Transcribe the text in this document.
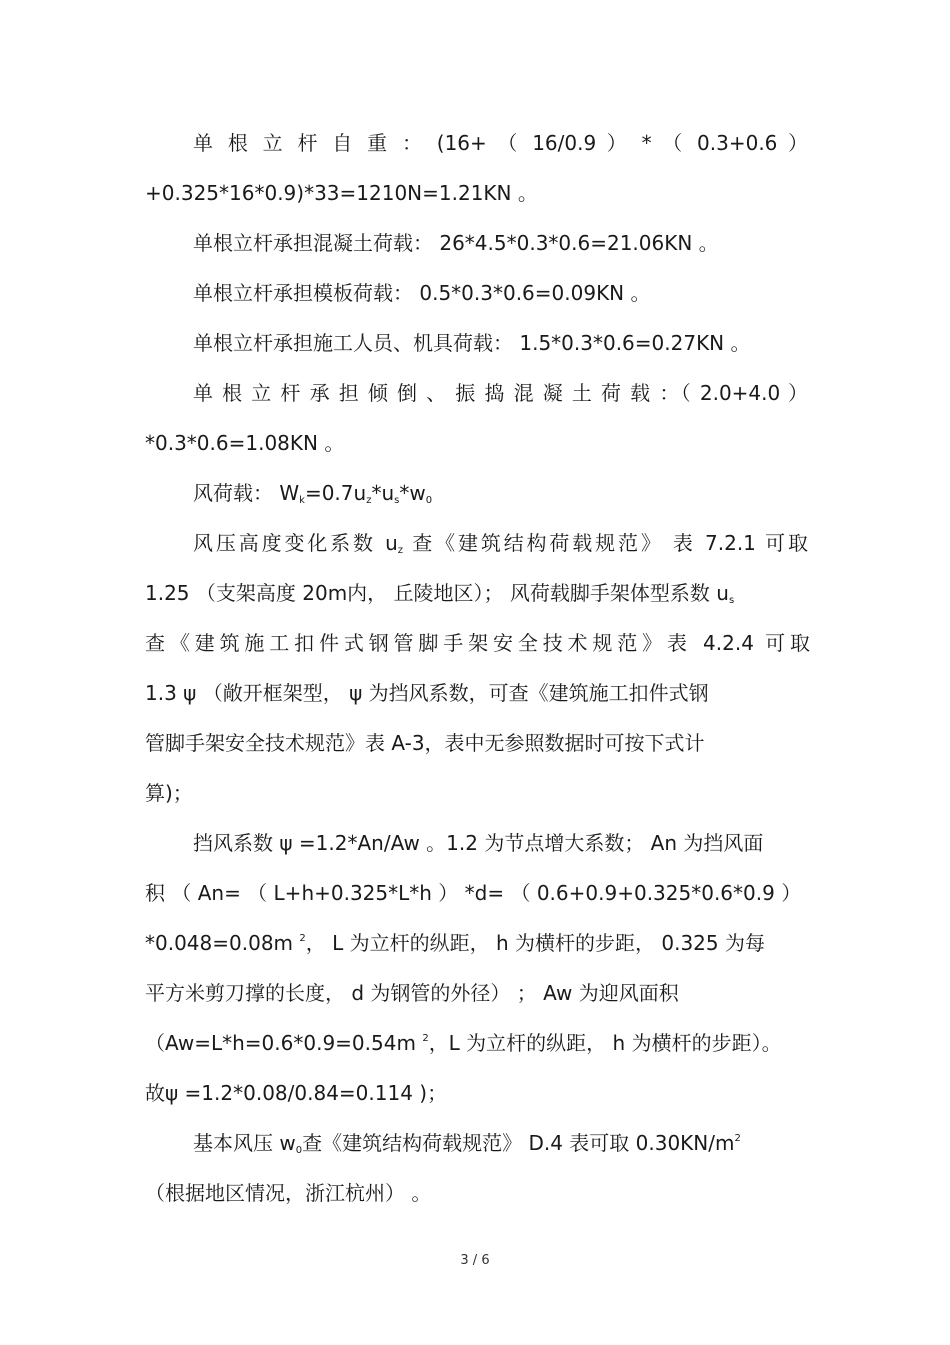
单 根 立 杆 自 重 ： (16+ （ 16/0.9 ） * （ 0.3+0.6 ）
+0.325*16*0.9)*33=1210N=1.21KN 。
单根立杆承担混凝土荷载： 26*4.5*0.3*0.6=21.06KN 。
单根立杆承担模板荷载： 0.5*0.3*0.6=0.09KN 。
单根立杆承担施工人员、机具荷载： 1.5*0.3*0.6=0.27KN 。
单 根 立 杆 承 担 倾 倒 、 振 捣 混 凝 土 荷 载 ：（ 2.0+4.0 ）
*0.3*0.6=1.08KN 。
风荷载： $W_k=0.7u_z*u_s*w_0$
风压高度变化系数 $u_z$ 查《建筑结构荷载规范》 表 7.2.1 可取
1.25 （支架高度 20m内， 丘陵地区）； 风荷载脚手架体型系数 $u_s$
查《建筑施工扣件式钢管脚手架安全技术规范》表 4.2.4 可取
1.3 ψ （敞开框架型， ψ 为挡风系数，可查《建筑施工扣件式钢
管脚手架安全技术规范》表 A-3，表中无参照数据时可按下式计
算)；
挡风系数 ψ =1.2*An/Aw 。1.2 为节点增大系数； An 为挡风面
积 （ An= （ L+h+0.325*L*h ） *d= （ 0.6+0.9+0.325*0.6*0.9 ）
*0.048=0.08m $^2$， L 为立杆的纵距， h 为横杆的步距， 0.325 为每
平方米剪刀撑的长度， d 为钢管的外径） ； Aw 为迎风面积
（Aw=L*h=0.6*0.9=0.54m $^2$，L 为立杆的纵距， h 为横杆的步距）。
故ψ =1.2*0.08/0.84=0.114 )；
基本风压 $w_0$查《建筑结构荷载规范》 D.4 表可取 $0.30KN/m^2$
（根据地区情况，浙江杭州） 。
3 / 6
